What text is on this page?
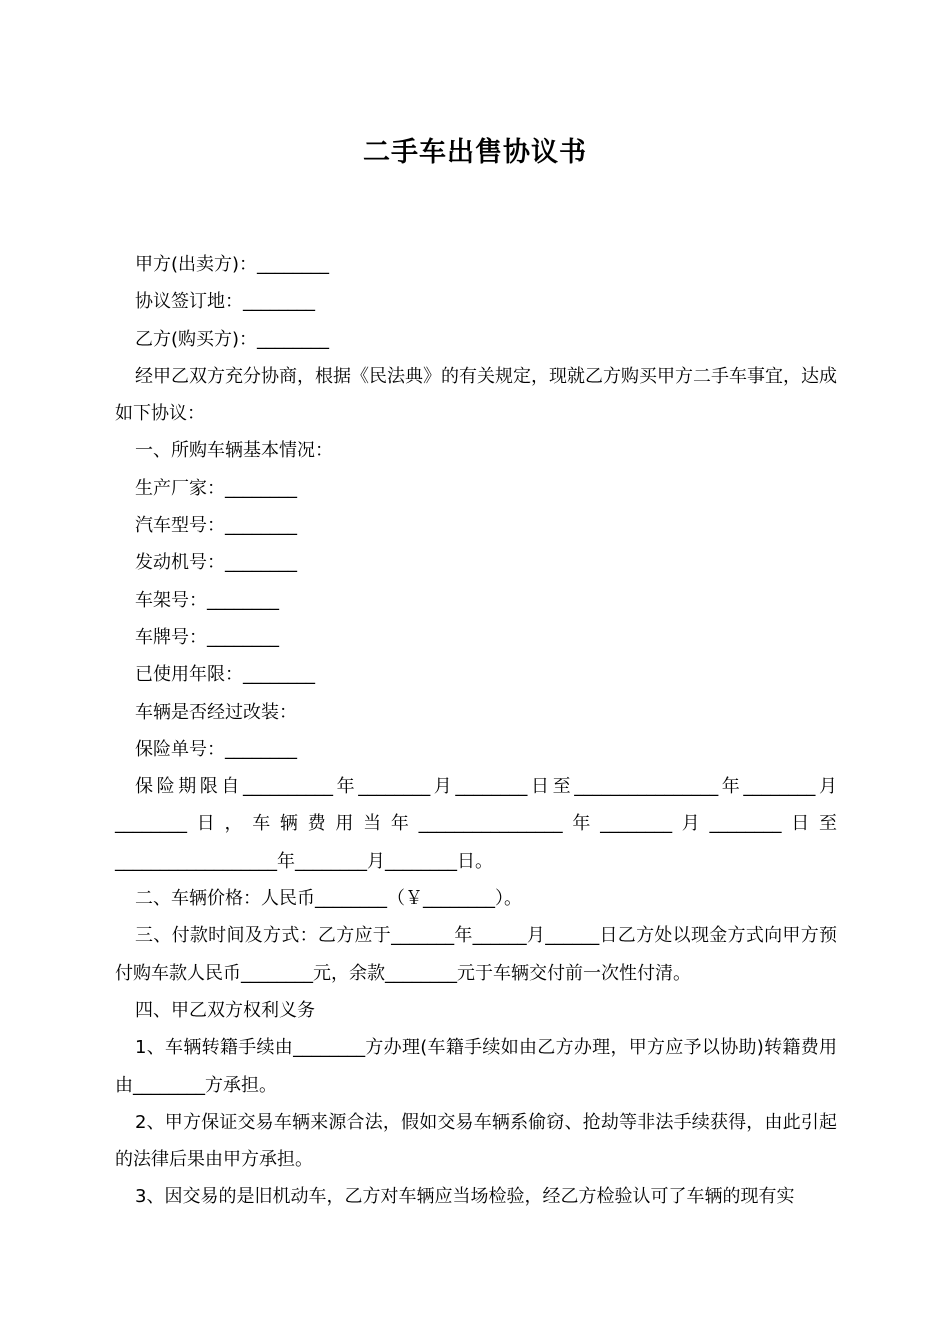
二手车出售协议书

甲方(出卖方)：________

协议签订地：________

乙方(购买方)：________

经甲乙双方充分协商，根据《民法典》的有关规定，现就乙方购买甲方二手车事宜，达成如下协议：

一、所购车辆基本情况：

生产厂家：________

汽车型号：________

发动机号：________

车架号：________

车牌号：________

已使用年限：________

车辆是否经过改装：

保险单号：________

保险期限自__________年________月________日至________________年________月________日，车辆费用当年________________年________月________日至__________________年________月________日。

二、车辆价格：人民币________（￥________）。

三、付款时间及方式：乙方应于_______年______月______日乙方处以现金方式向甲方预付购车款人民币________元，余款________元于车辆交付前一次性付清。

四、甲乙双方权利义务

1、车辆转籍手续由________方办理(车籍手续如由乙方办理，甲方应予以协助)转籍费用由________方承担。

2、甲方保证交易车辆来源合法，假如交易车辆系偷窃、抢劫等非法手续获得，由此引起的法律后果由甲方承担。

3、因交易的是旧机动车，乙方对车辆应当场检验，经乙方检验认可了车辆的现有实
